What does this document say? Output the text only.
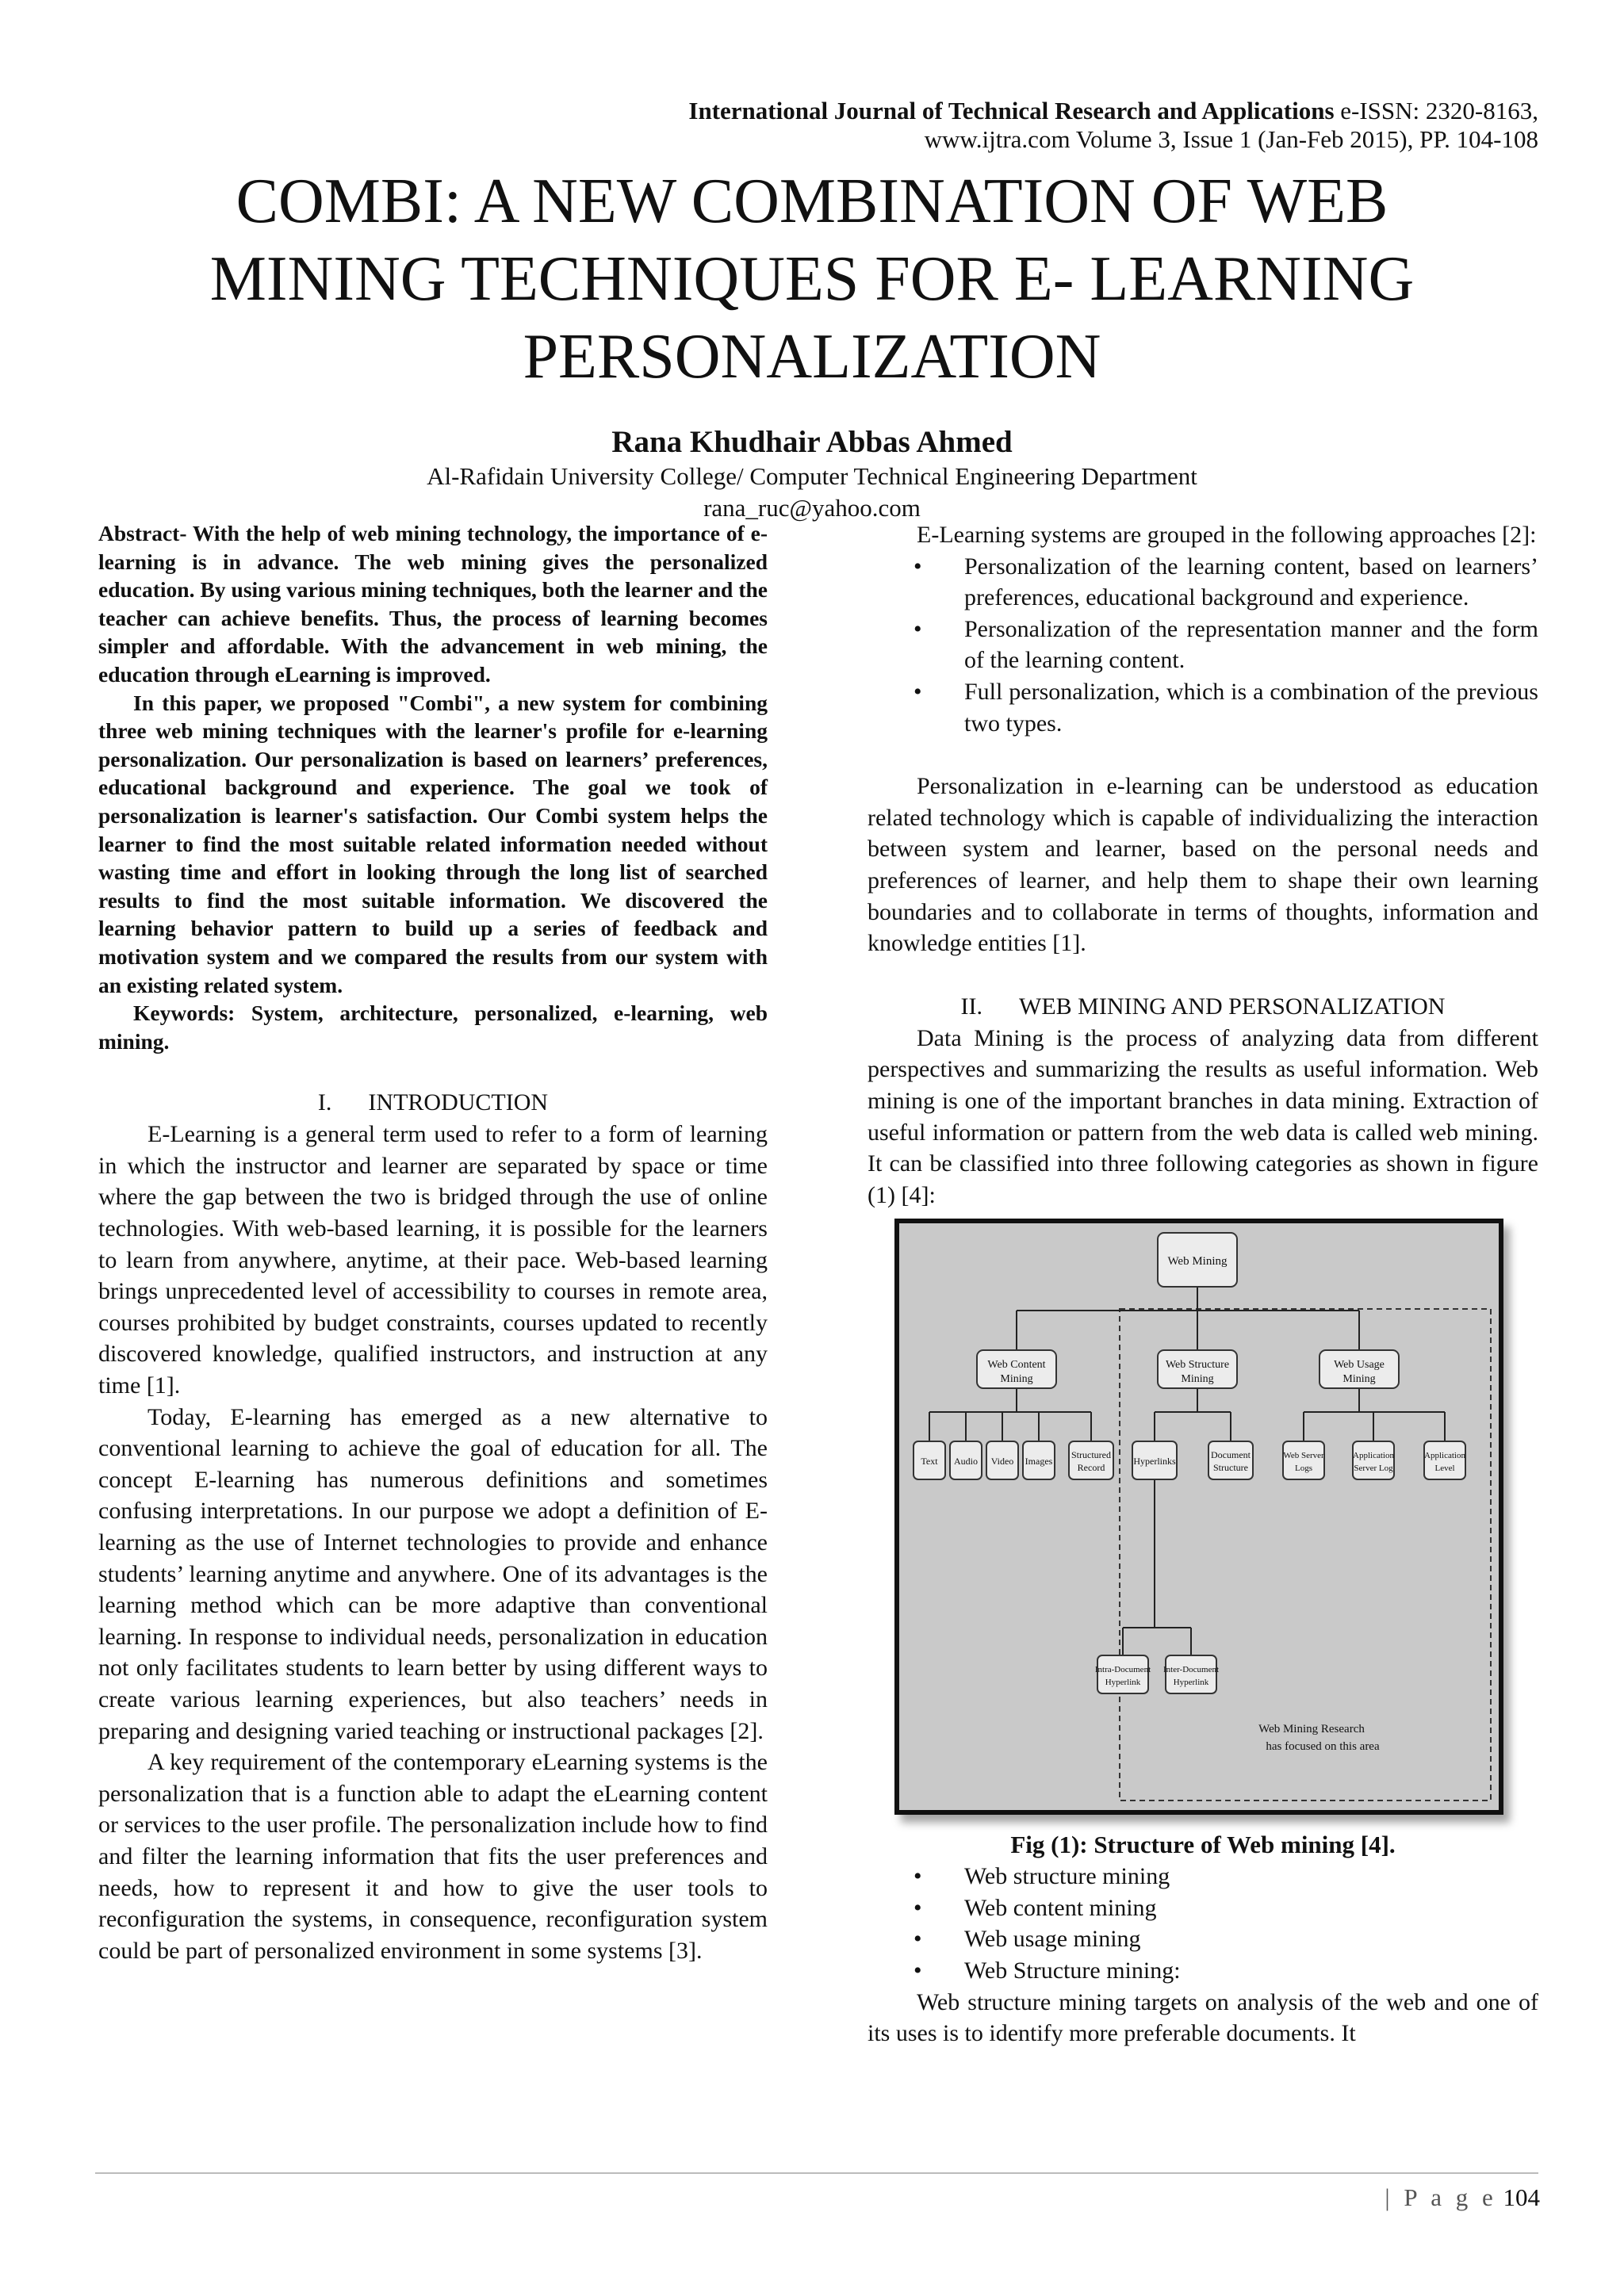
International Journal of Technical Research and Applications e-ISSN: 2320-8163,
www.ijtra.com Volume 3, Issue 1 (Jan-Feb 2015), PP. 104-108
COMBI: A NEW COMBINATION OF WEB
MINING TECHNIQUES FOR E- LEARNING
PERSONALIZATION
Rana Khudhair Abbas Ahmed
Al-Rafidain University College/ Computer Technical Engineering Department
rana_ruc@yahoo.com

Abstract- With the help of web mining technology, the importance of e-learning is in advance. The web mining gives the personalized education. By using various mining techniques, both the learner and the teacher can achieve benefits. Thus, the process of learning becomes simpler and affordable. With the advancement in web mining, the education through eLearning is improved.

In this paper, we proposed "Combi", a new system for combining three web mining techniques with the learner's profile for e-learning personalization. Our personalization is based on learners’ preferences, educational background and experience. The goal we took of personalization is learner's satisfaction. Our Combi system helps the learner to find the most suitable related information needed without wasting time and effort in looking through the long list of searched results to find the most suitable information. We discovered the learning behavior pattern to build up a series of feedback and motivation system and we compared the results from our system with an existing related system.

Keywords: System, architecture, personalized, e-learning, web mining.

I. INTRODUCTION

E-Learning is a general term used to refer to a form of learning in which the instructor and learner are separated by space or time where the gap between the two is bridged through the use of online technologies. With web-based learning, it is possible for the learners to learn from anywhere, anytime, at their pace. Web-based learning brings unprecedented level of accessibility to courses in remote area, courses prohibited by budget constraints, courses updated to recently discovered knowledge, qualified instructors, and instruction at any time [1].

Today, E-learning has emerged as a new alternative to conventional learning to achieve the goal of education for all. The concept E-learning has numerous definitions and sometimes confusing interpretations. In our purpose we adopt a definition of E-learning as the use of Internet technologies to provide and enhance students’ learning anytime and anywhere. One of its advantages is the learning method which can be more adaptive than conventional learning. In response to individual needs, personalization in education not only facilitates students to learn better by using different ways to create various learning experiences, but also teachers’ needs in preparing and designing varied teaching or instructional packages [2].

A key requirement of the contemporary eLearning systems is the personalization that is a function able to adapt the eLearning content or services to the user profile. The personalization include how to find and filter the learning information that fits the user preferences and needs, how to represent it and how to give the user tools to reconfiguration the systems, in consequence, reconfiguration system could be part of personalized environment in some systems [3].

E-Learning systems are grouped in the following approaches [2]:

• Personalization of the learning content, based on learners’ preferences, educational background and experience.
• Personalization of the representation manner and the form of the learning content.
• Full personalization, which is a combination of the previous two types.

Personalization in e-learning can be understood as education related technology which is capable of individualizing the interaction between system and learner, based on the personal needs and preferences of learner, and help them to shape their own learning boundaries and to collaborate in terms of thoughts, information and knowledge entities [1].

II. WEB MINING AND PERSONALIZATION

Data Mining is the process of analyzing data from different perspectives and summarizing the results as useful information. Web mining is one of the important branches in data mining. Extraction of useful information or pattern from the web data is called web mining. It can be classified into three following categories as shown in figure (1) [4]:

Web Mining
Web Content
Mining
Web Structure
Mining
Web Usage
Mining
Text Audio Video Images
Structured
Record
Hyperlinks
Document
Structure
Web Server
Logs
Application
Server Log
Application
Level
Intra-Document
Hyperlink
Inter-Document
Hyperlink
Web Mining Research
has focused on this area
Fig (1): Structure of Web mining [4].
• Web structure mining
• Web content mining
• Web usage mining
• Web Structure mining:

Web structure mining targets on analysis of the web and one of its uses is to identify more preferable documents. It

| P a g e 104
